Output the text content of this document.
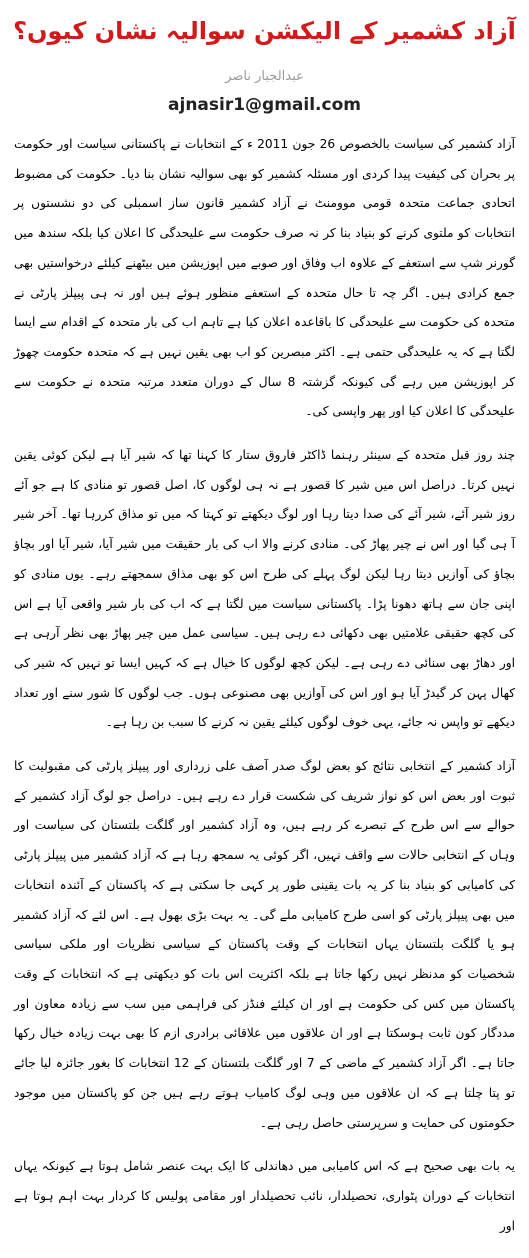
آزاد کشمیر کے الیکشن سوالیہ نشان کیوں؟
عبدالجبار ناصر
ajnasir1@gmail.com

آزاد کشمیر کی سیاست بالخصوص 26 جون 2011 ء کے انتخابات نے پاکستانی سیاست اور حکومت پر بحران کی کیفیت پیدا کردی اور مسئلہ کشمیر کو بھی سوالیہ نشان بنا دیا۔ حکومت کی مضبوط اتحادی جماعت متحدہ قومی موومنٹ نے آزاد کشمیر قانون ساز اسمبلی کی دو نشستوں پر انتخابات کو ملتوی کرنے کو بنیاد بنا کر نہ صرف حکومت سے علیحدگی کا اعلان کیا بلکہ سندھ میں گورنر شپ سے استعفے کے علاوہ اب وفاق اور صوبے میں اپوزیشن میں بیٹھنے کیلئے درخواستیں بھی جمع کرادی ہیں۔ اگر چہ تا حال متحدہ کے استعفے منظور ہوئے ہیں اور نہ ہی پیپلز پارٹی نے متحدہ کی حکومت سے علیحدگی کا باقاعدہ اعلان کیا ہے تاہم اب کی بار متحدہ کے اقدام سے ایسا لگتا ہے کہ یہ علیحدگی حتمی ہے۔ اکثر مبصرین کو اب بھی یقین نہیں ہے کہ متحدہ حکومت چھوڑ کر اپوزیشن میں رہے گی کیونکہ گزشتہ 8 سال کے دوران متعدد مرتبہ متحدہ نے حکومت سے علیحدگی کا اعلان کیا اور پھر واپسی کی۔

چند روز قبل متحدہ کے سینئر رہنما ڈاکٹر فاروق ستار کا کہنا تھا کہ شیر آیا ہے لیکن کوئی یقین نہیں کرتا۔ دراصل اس میں شیر کا قصور ہے نہ ہی لوگوں کا، اصل قصور تو منادی کا ہے جو آئے روز شیر آئے، شیر آئے کی صدا دیتا رہا اور لوگ دیکھتے تو کہتا کہ میں تو مذاق کررہا تھا۔ آخر شیر آ ہی گیا اور اس نے چیر پھاڑ کی۔ منادی کرنے والا اب کی بار حقیقت میں شیر آیا، شیر آیا اور بچاؤ بچاؤ کی آوازیں دیتا رہا لیکن لوگ پہلے کی طرح اس کو بھی مذاق سمجھتے رہے۔ یوں منادی کو اپنی جان سے ہاتھ دھونا پڑا۔ پاکستانی سیاست میں لگتا ہے کہ اب کی بار شیر واقعی آیا ہے اس کی کچھ حقیقی علامتیں بھی دکھائی دے رہی ہیں۔ سیاسی عمل میں چیر پھاڑ بھی نظر آرہی ہے اور دھاڑ بھی سنائی دے رہی ہے۔ لیکن کچھ لوگوں کا خیال ہے کہ کہیں ایسا تو نہیں کہ شیر کی کھال پہن کر گیدڑ آیا ہو اور اس کی آوازیں بھی مصنوعی ہوں۔ جب لوگوں کا شور سنے اور تعداد دیکھے تو واپس نہ جائے، یہی خوف لوگوں کیلئے یقین نہ کرنے کا سبب بن رہا ہے۔

آزاد کشمیر کے انتخابی نتائج کو بعض لوگ صدر آصف علی زرداری اور پیپلز پارٹی کی مقبولیت کا ثبوت اور بعض اس کو نواز شریف کی شکست قرار دے رہے ہیں۔ دراصل جو لوگ آزاد کشمیر کے حوالے سے اس طرح کے تبصرے کر رہے ہیں، وہ آزاد کشمیر اور گلگت بلتستان کی سیاست اور وہاں کے انتخابی حالات سے واقف نہیں، اگر کوئی یہ سمجھ رہا ہے کہ آزاد کشمیر میں پیپلز پارٹی کی کامیابی کو بنیاد بنا کر یہ بات یقینی طور پر کہی جا سکتی ہے کہ پاکستان کے آئندہ انتخابات میں بھی پیپلز پارٹی کو اسی طرح کامیابی ملے گی۔ یہ بہت بڑی بھول ہے۔ اس لئے کہ آزاد کشمیر ہو یا گلگت بلتستان یہاں انتخابات کے وقت پاکستان کے سیاسی نظریات اور ملکی سیاسی شخصیات کو مدنظر نہیں رکھا جاتا ہے بلکہ اکثریت اس بات کو دیکھتی ہے کہ انتخابات کے وقت پاکستان میں کس کی حکومت ہے اور ان کیلئے فنڈز کی فراہمی میں سب سے زیادہ معاون اور مددگار کون ثابت ہوسکتا ہے اور ان علاقوں میں علاقائی برادری ازم کا بھی بہت زیادہ خیال رکھا جاتا ہے۔ اگر آزاد کشمیر کے ماضی کے 7 اور گلگت بلتستان کے 12 انتخابات کا بغور جائزہ لیا جائے تو پتا چلتا ہے کہ ان علاقوں میں وہی لوگ کامیاب ہوتے رہے ہیں جن کو پاکستان میں موجود حکومتوں کی حمایت و سرپرستی حاصل رہی ہے۔

یہ بات بھی صحیح ہے کہ اس کامیابی میں دھاندلی کا ایک بہت عنصر شامل ہوتا ہے کیونکہ یہاں انتخابات کے دوران پٹواری، تحصیلدار، نائب تحصیلدار اور مقامی پولیس کا کردار بہت اہم ہوتا ہے اور
